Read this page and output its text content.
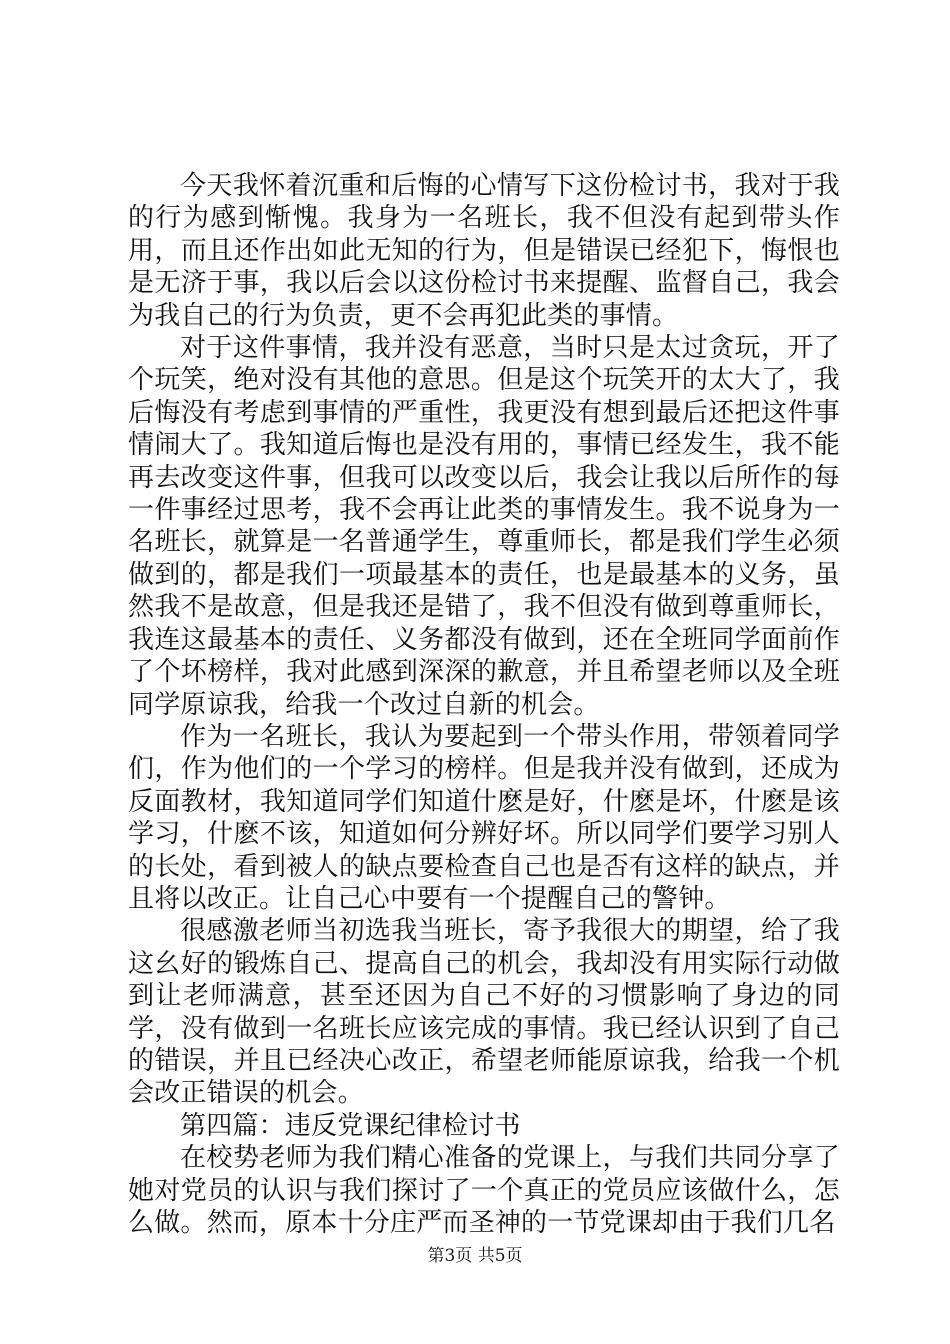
今天我怀着沉重和后悔的心情写下这份检讨书，我对于我的行为感到惭愧。我身为一名班长，我不但没有起到带头作用，而且还作出如此无知的行为，但是错误已经犯下，悔恨也是无济于事，我以后会以这份检讨书来提醒、监督自己，我会为我自己的行为负责，更不会再犯此类的事情。

对于这件事情，我并没有恶意，当时只是太过贪玩，开了个玩笑，绝对没有其他的意思。但是这个玩笑开的太大了，我后悔没有考虑到事情的严重性，我更没有想到最后还把这件事情闹大了。我知道后悔也是没有用的，事情已经发生，我不能再去改变这件事，但我可以改变以后，我会让我以后所作的每一件事经过思考，我不会再让此类的事情发生。我不说身为一名班长，就算是一名普通学生，尊重师长，都是我们学生必须做到的，都是我们一项最基本的责任，也是最基本的义务，虽然我不是故意，但是我还是错了，我不但没有做到尊重师长，我连这最基本的责任、义务都没有做到，还在全班同学面前作了个坏榜样，我对此感到深深的歉意，并且希望老师以及全班同学原谅我，给我一个改过自新的机会。

作为一名班长，我认为要起到一个带头作用，带领着同学们，作为他们的一个学习的榜样。但是我并没有做到，还成为反面教材，我知道同学们知道什麽是好，什麽是坏，什麽是该学习，什麽不该，知道如何分辨好坏。所以同学们要学习别人的长处，看到被人的缺点要检查自己也是否有这样的缺点，并且将以改正。让自己心中要有一个提醒自己的警钟。

很感激老师当初选我当班长，寄予我很大的期望，给了我这幺好的锻炼自己、提高自己的机会，我却没有用实际行动做到让老师满意，甚至还因为自己不好的习惯影响了身边的同学，没有做到一名班长应该完成的事情。我已经认识到了自己的错误，并且已经决心改正，希望老师能原谅我，给我一个机会改正错误的机会。

第四篇：违反党课纪律检讨书

在校势老师为我们精心准备的党课上，与我们共同分享了她对党员的认识与我们探讨了一个真正的党员应该做什么，怎么做。然而，原本十分庄严而圣神的一节党课却由于我们几名

第3页 共5页
